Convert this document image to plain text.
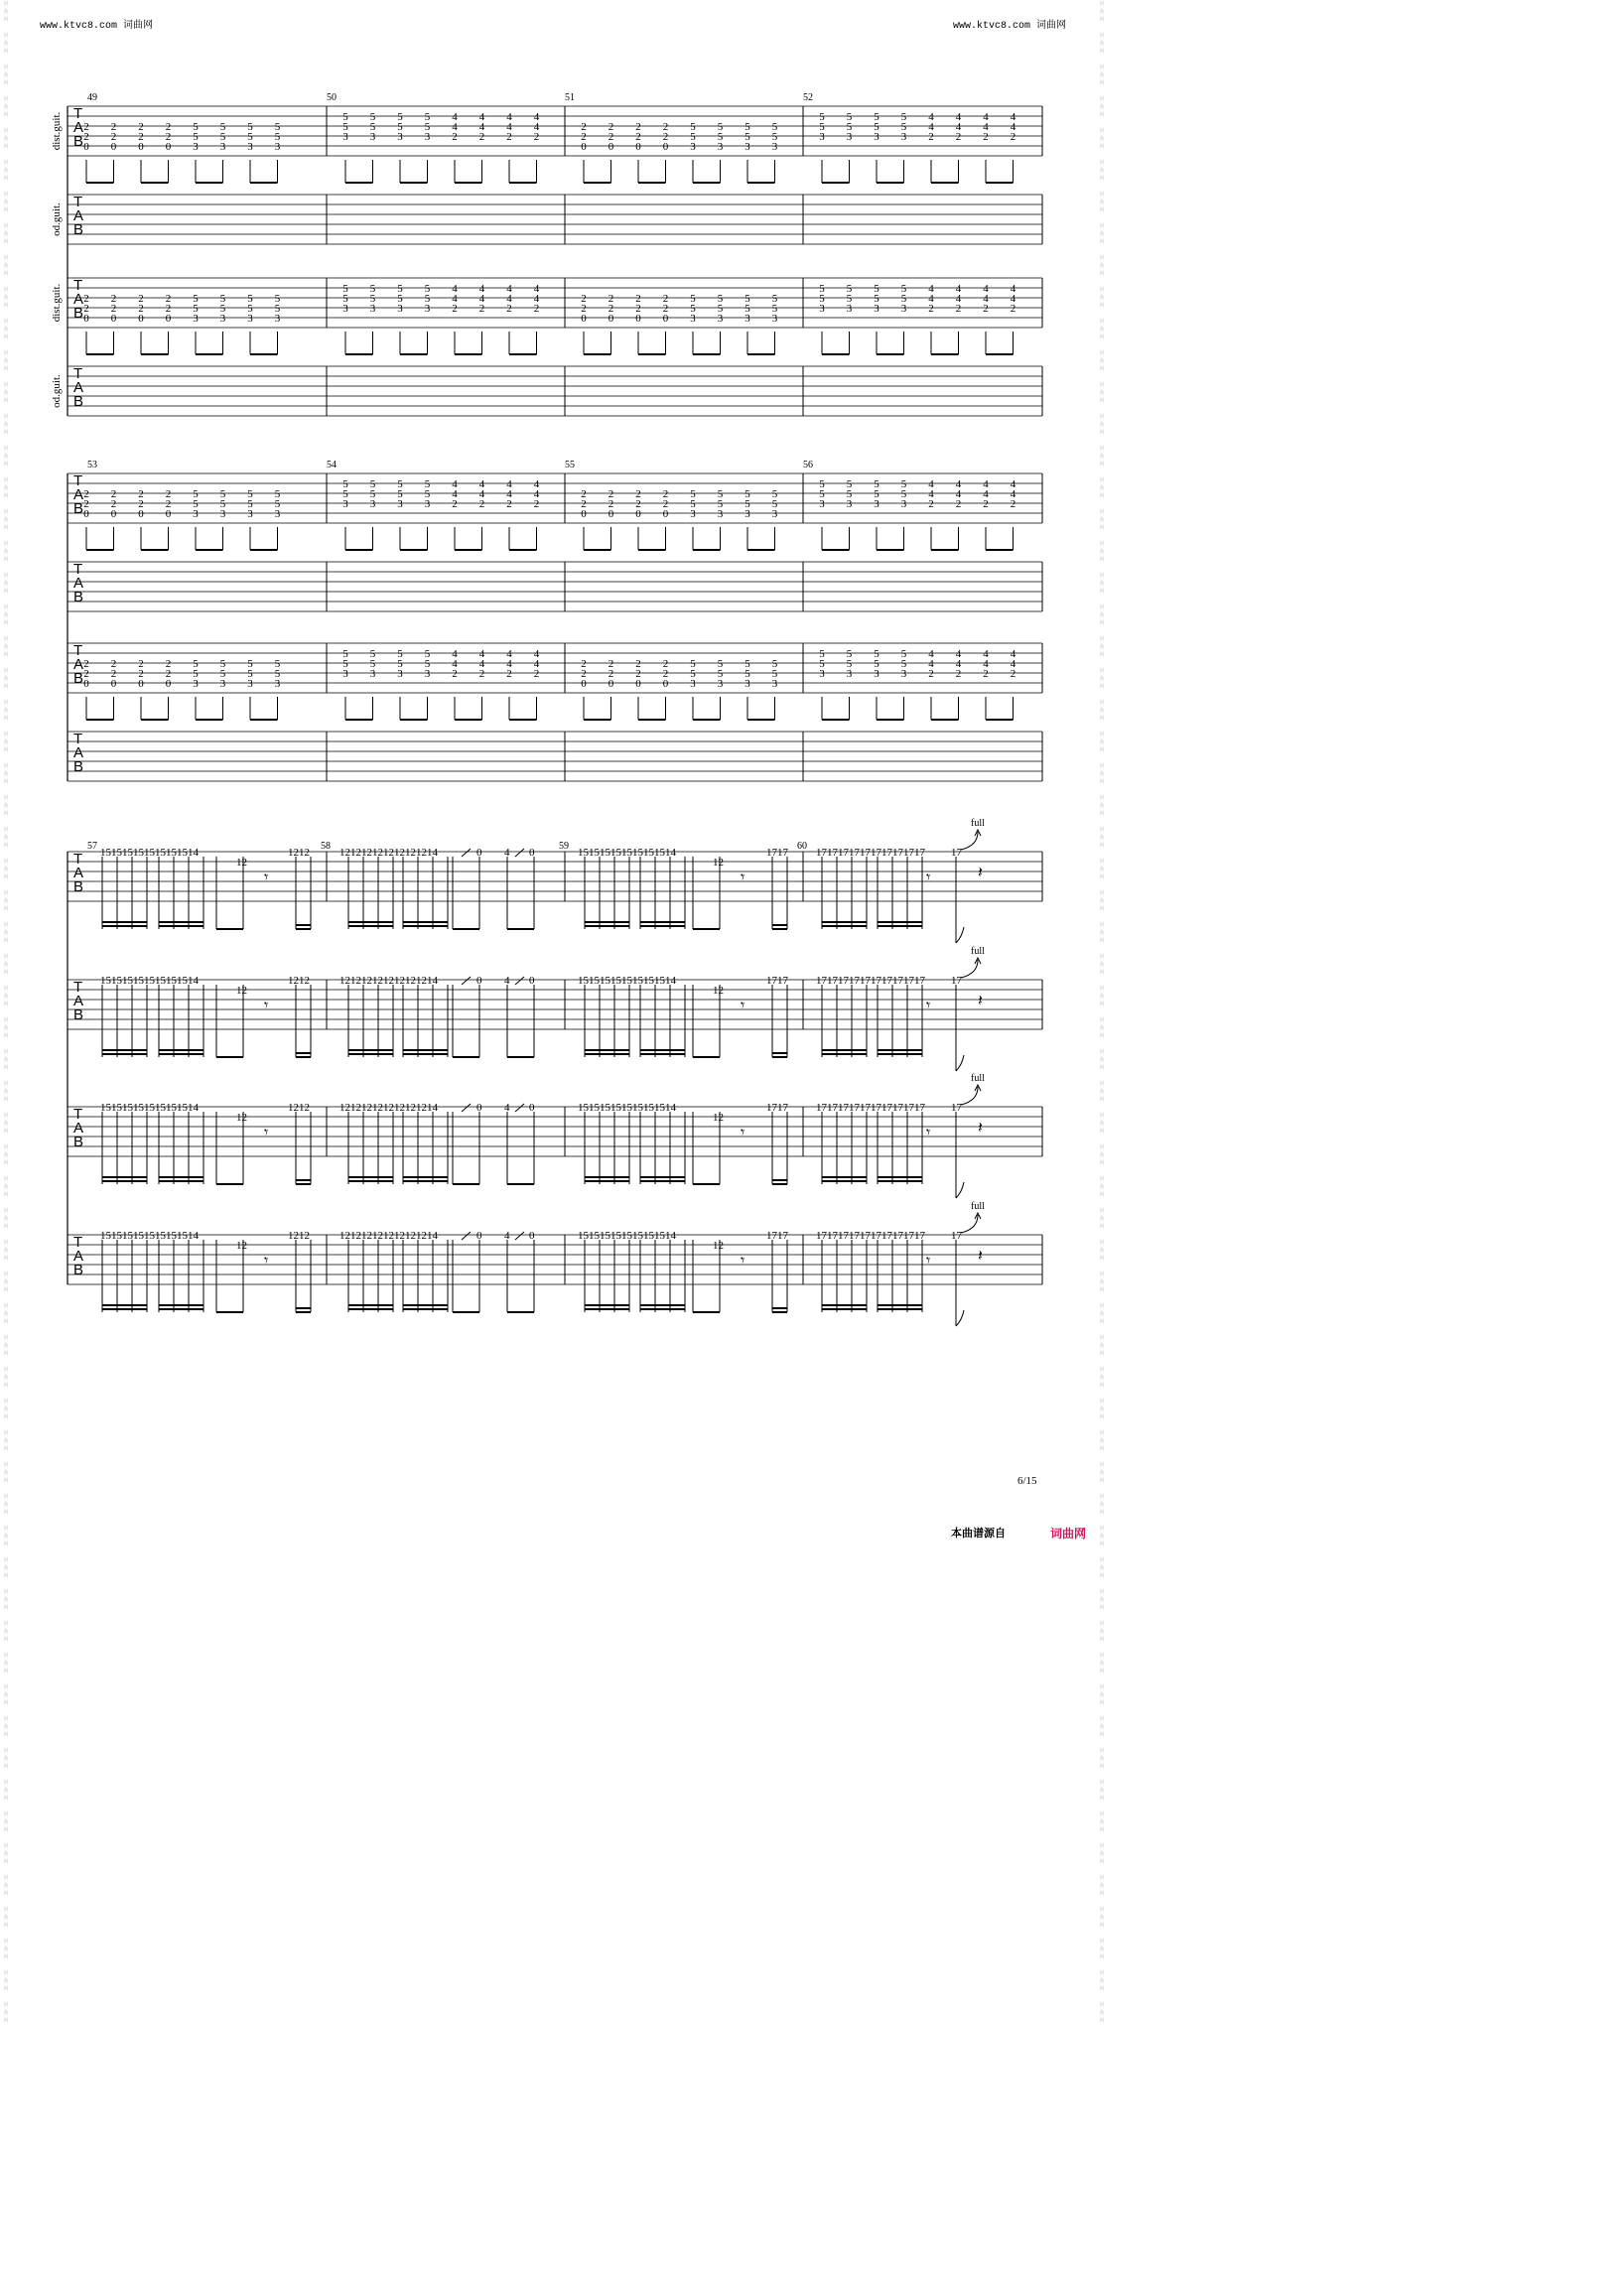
www.ktvc8.com 词曲网	www.ktvc8.com 词曲网
词
曲
网

词
曲
网

词
曲
网

词
曲
网

词
曲
网

词
曲
网

词
曲
网

词
曲
网

词
曲
网

词
曲
网

词
曲
网

词
曲
网

词
曲
网

词
曲
网

词
曲
网

词
曲
网

词
曲
网

词
曲
网

词
曲
网

词
曲
网

词
曲
网

词
曲
网

词
曲
网

词
曲
网

词
曲
网

词
曲
网

词
曲
网

词
曲
网

词
曲
网

词
曲
网

词
曲
网

词
曲
网

词
曲
网

词
曲
网

词
曲
网

词
曲
网

词
曲
网

词
曲
网

词
曲
网

词
曲
网

词
曲
网

词
曲
网

词
曲
网

词
曲
网

词
曲
网

词
曲
网

词
曲
网

词
曲
网

词
曲
网

词
曲
网

词
曲
网

词
曲
网

词
曲
网

词
曲
网

词
曲
网

词
曲
网

词
曲
网

词
曲
网

词
曲
网

词
曲
网

词
曲
网

词
曲
网

词
曲
网

词
曲
网

词
曲
网

词
曲
网

词
曲
网

词
曲
网

词
曲
网

词
曲
网

词
曲
网

词
曲
网

词
曲
网

词
曲
网

词
曲
网

词
曲
网

词
曲
网

词
曲
网

词
曲
网

词
曲
网

词
曲
网

词
曲
网

词
曲
网

词
曲
网

词
曲
网

词
曲
网

词
曲
网

词
曲
网

词
曲
网

词
曲
网

词
曲
网

词
曲
网

词
曲
网

词
曲
网

词
曲
网

词
曲
网

词
曲
网

词
曲
网

词
曲
网

词
曲
网

词
曲
网

词
曲
网

词
曲
网

词
曲
网

词
曲
网

词
曲
网

词
曲
网

词
曲
网

词
曲
网

词
曲
网

词
曲
网

词
曲
网

词
曲
网

词
曲
网

词
曲
网

词
曲
网

词
曲
网

词
曲
网

词
曲
网

词
曲
网

词
曲
网

词
曲
网

词
曲
网

词
曲
网

词
曲
网

词
曲
网

词
曲
网

词
曲
网

T
A
B
2
2
0
2
2
0
2
2
0
2
2
0
5
5
3
5
5
3
5
5
3
5
5
3
5
5
3
5
5
3
5
5
3
5
5
3
4
4
2
4
4
2
4
4
2
4
4
2
2
2
0
2
2
0
2
2
0
2
2
0
5
5
3
5
5
3
5
5
3
5
5
3
5
5
3
5
5
3
5
5
3
5
5
3
4
4
2
4
4
2
4
4
2
4
4
2
T
A
B
T
A
B
2
2
0
2
2
0
2
2
0
2
2
0
5
5
3
5
5
3
5
5
3
5
5
3
5
5
3
5
5
3
5
5
3
5
5
3
4
4
2
4
4
2
4
4
2
4
4
2
2
2
0
2
2
0
2
2
0
2
2
0
5
5
3
5
5
3
5
5
3
5
5
3
5
5
3
5
5
3
5
5
3
5
5
3
4
4
2
4
4
2
4
4
2
4
4
2
T
A
B
49	50	51	52
dist.guit.
od.guit.
dist.guit.
od.guit.
T
A
B
2
2
0
2
2
0
2
2
0
2
2
0
5
5
3
5
5
3
5
5
3
5
5
3
5
5
3
5
5
3
5
5
3
5
5
3
4
4
2
4
4
2
4
4
2
4
4
2
2
2
0
2
2
0
2
2
0
2
2
0
5
5
3
5
5
3
5
5
3
5
5
3
5
5
3
5
5
3
5
5
3
5
5
3
4
4
2
4
4
2
4
4
2
4
4
2
T
A
B
T
A
B
2
2
0
2
2
0
2
2
0
2
2
0
5
5
3
5
5
3
5
5
3
5
5
3
5
5
3
5
5
3
5
5
3
5
5
3
4
4
2
4
4
2
4
4
2
4
4
2
2
2
0
2
2
0
2
2
0
2
2
0
5
5
3
5
5
3
5
5
3
5
5
3
5
5
3
5
5
3
5
5
3
5
5
3
4
4
2
4
4
2
4
4
2
4
4
2
T
A
B
53	54	55	56
T
A
B
151515151515151514
12
1212	121212121212121214	0 4 0	151515151515151514
12
1717	17171717171717171717 17
full
𝄾	𝄾	𝄾	𝄽
T
A
B
151515151515151514
12
1212	121212121212121214	0 4 0	151515151515151514
12
1717	17171717171717171717 17
full
𝄾	𝄾	𝄾	𝄽
T
A
B
151515151515151514
12
1212	121212121212121214	0 4 0	151515151515151514
12
1717	17171717171717171717 17
full
𝄾	𝄾	𝄾	𝄽
T
A
B
151515151515151514
12
1212	121212121212121214	0 4 0	151515151515151514
12
1717	17171717171717171717 17
full
𝄾	𝄾	𝄾	𝄽
57	58	59	60
6/15
本曲谱源自	词曲网
